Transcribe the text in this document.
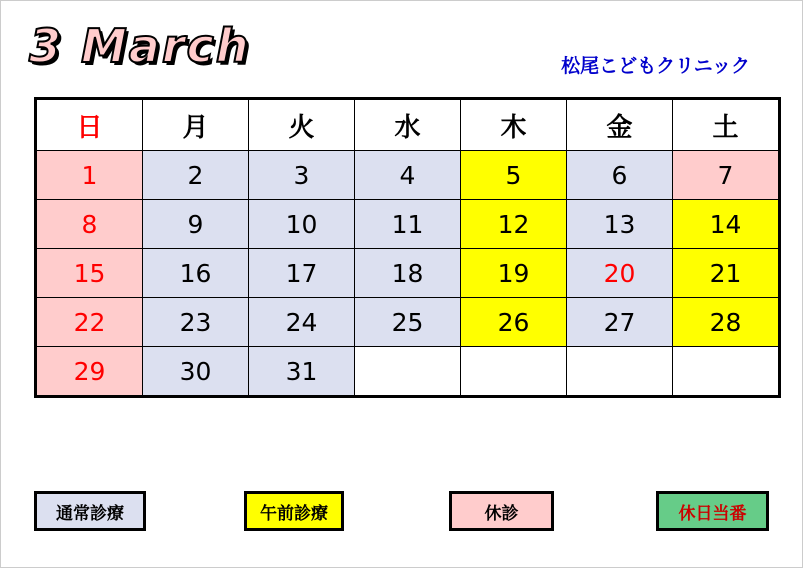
3 March	松尾こどもクリニック
日	月	火	水	木	金	土
1	2	3	4	5	6	7
8	9	10	11	12	13	14
15	16	17	18	19	20	21
22	23	24	25	26	27	28
29	30	31				
通常診療	午前診療	休診	休日当番
